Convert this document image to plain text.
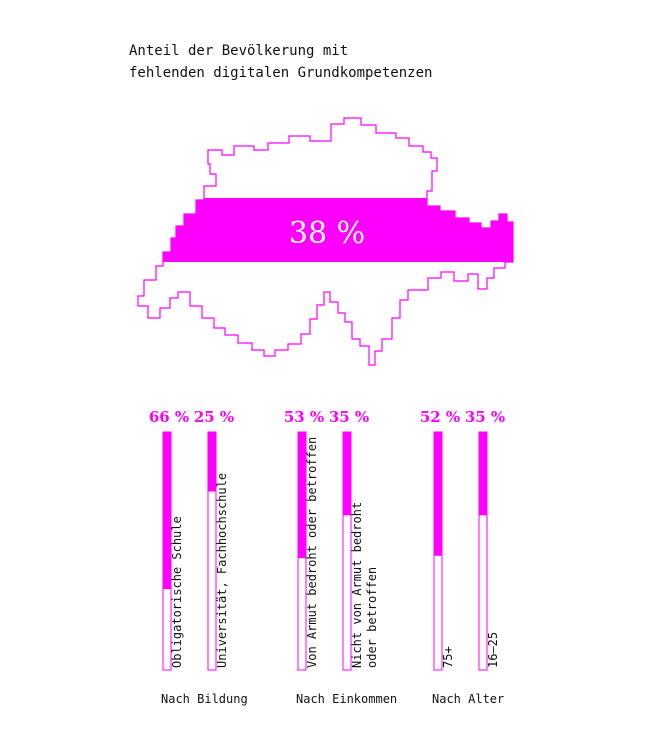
Anteil der Bevölkerung mit
fehlenden digitalen Grundkompetenzen
38 %
66 %
Obligatorische Schule
25 %
Universität, Fachhochschule
Nach Bildung
53 %
Von Armut bedroht oder betroffen
35 %
Nicht von Armut bedroht oder betroffen
Nach Einkommen
52 %
75+
35 %
16–25
Nach Alter
